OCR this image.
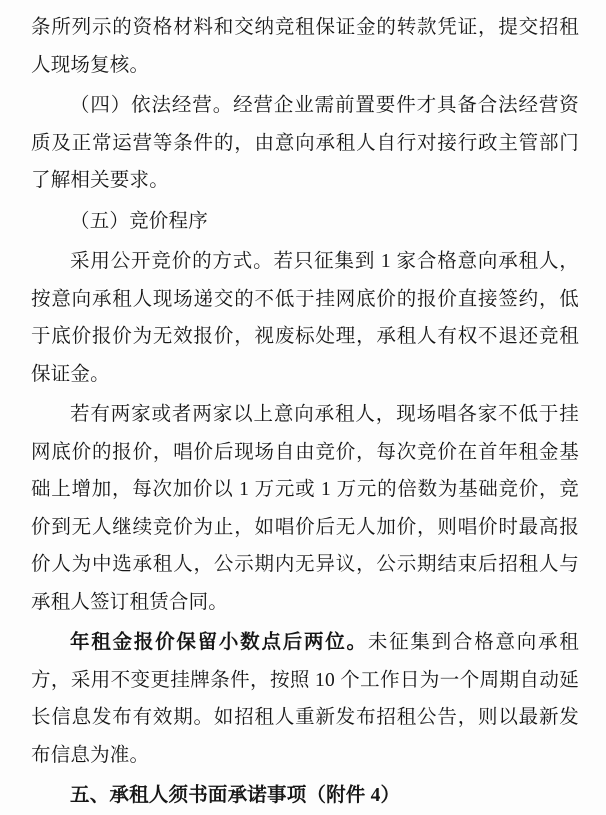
条所列示的资格材料和交纳竞租保证金的转款凭证，提交招租人现场复核。

（四）依法经营。经营企业需前置要件才具备合法经营资质及正常运营等条件的，由意向承租人自行对接行政主管部门了解相关要求。

（五）竞价程序

采用公开竞价的方式。若只征集到 1 家合格意向承租人，按意向承租人现场递交的不低于挂网底价的报价直接签约，低于底价报价为无效报价，视废标处理，承租人有权不退还竞租保证金。

若有两家或者两家以上意向承租人，现场唱各家不低于挂网底价的报价，唱价后现场自由竞价，每次竞价在首年租金基础上增加，每次加价以 1 万元或 1 万元的倍数为基础竞价，竞价到无人继续竞价为止，如唱价后无人加价，则唱价时最高报价人为中选承租人，公示期内无异议，公示期结束后招租人与承租人签订租赁合同。

年租金报价保留小数点后两位。未征集到合格意向承租方，采用不变更挂牌条件，按照 10 个工作日为一个周期自动延长信息发布有效期。如招租人重新发布招租公告，则以最新发布信息为准。

五、承租人须书面承诺事项（附件 4）
